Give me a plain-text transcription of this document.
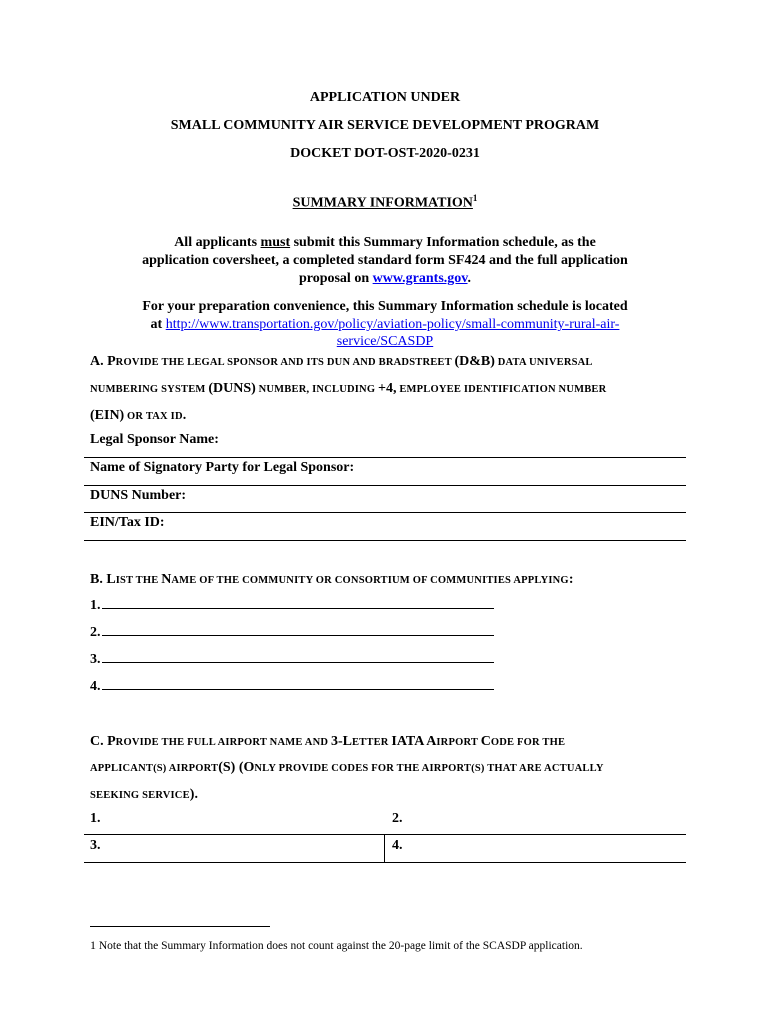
APPLICATION UNDER
SMALL COMMUNITY AIR SERVICE DEVELOPMENT PROGRAM
DOCKET DOT-OST-2020-0231
SUMMARY INFORMATION$^1$
All applicants must submit this Summary Information schedule, as the
application coversheet, a completed standard form SF424 and the full application
proposal on www.grants.gov.
For your preparation convenience, this Summary Information schedule is located
at http://www.transportation.gov/policy/aviation-policy/small-community-rural-air-
service/SCASDP
A. PROVIDE THE LEGAL SPONSOR AND ITS DUN AND BRADSTREET (D&B) DATA UNIVERSAL
NUMBERING SYSTEM (DUNS) NUMBER, INCLUDING +4, EMPLOYEE IDENTIFICATION NUMBER
(EIN) OR TAX ID.
Legal Sponsor Name:
Name of Signatory Party for Legal Sponsor:
DUNS Number:
EIN/Tax ID:
B. LIST THE NAME OF THE COMMUNITY OR CONSORTIUM OF COMMUNITIES APPLYING:
1.
2.
3.
4.
C. PROVIDE THE FULL AIRPORT NAME AND 3-LETTER IATA AIRPORT CODE FOR THE
APPLICANT(S) AIRPORT(S) (ONLY PROVIDE CODES FOR THE AIRPORT(S) THAT ARE ACTUALLY
SEEKING SERVICE).
1.	2.
3.	4.
1 Note that the Summary Information does not count against the 20-page limit of the SCASDP application.
